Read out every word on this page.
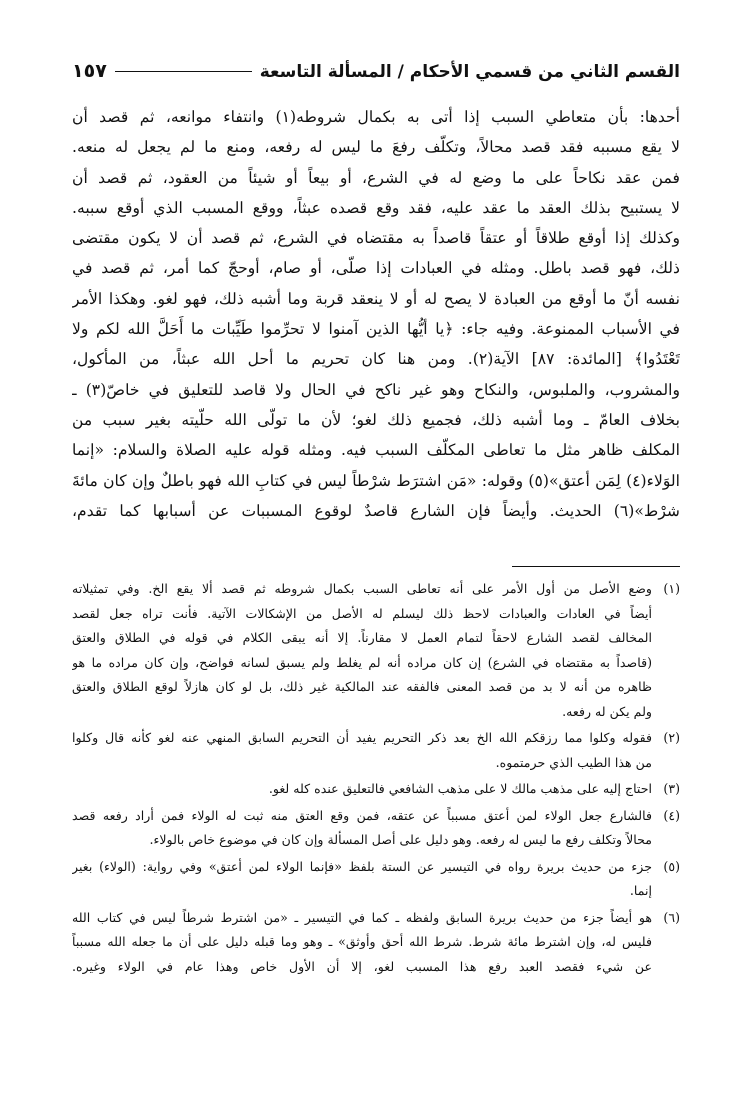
القسم الثاني من قسمي الأحكام / المسألة التاسعة
١٥٧
أحدها: بأن متعاطي السبب إذا أتى به بكمال شروطه(١) وانتفاء موانعه، ثم قصد أن
لا يقع مسببه فقد قصد محالاً، وتكلّف رفعَ ما ليس له رفعه، ومنع ما لم يجعل له منعه.
فمن عقد نكاحاً على ما وضع له في الشرع، أو بيعاً أو شيئاً من العقود، ثم قصد أن
لا يستبيح بذلك العقد ما عقد عليه، فقد وقع قصده عبثاً، ووقع المسبب الذي أوقع سببه.
وكذلك إذا أوقع طلاقاً أو عتقاً قاصداً به مقتضاه في الشرع، ثم قصد أن لا يكون مقتضى
ذلك، فهو قصد باطل. ومثله في العبادات إذا صلّى، أو صام، أوحجّ كما أمر، ثم قصد في
نفسه أنّ ما أوقع من العبادة لا يصح له أو لا ينعقد قربة وما أشبه ذلك، فهو لغو. وهكذا الأمر
في الأسباب الممنوعة. وفيه جاء: ﴿يا أيُّها الذين آمنوا لا تحرِّموا طَيِّبات ما أَحَلَّ الله لكم ولا
تَعْتَدُوا﴾ [المائدة: ٨٧] الآية(٢). ومن هنا كان تحريم ما أحل الله عبثاً، من المأكول،
والمشروب، والملبوس، والنكاح وهو غير ناكح في الحال ولا قاصد للتعليق في خاصّ(٣) ـ
بخلاف العامّ ـ وما أشبه ذلك، فجميع ذلك لغو؛ لأن ما تولّى الله حلّيته بغير سبب من
المكلف ظاهر مثل ما تعاطى المكلّف السبب فيه. ومثله قوله عليه الصلاة والسلام: «إنما
الوَلاء(٤) لِمَن أعتق»(٥) وقوله: «مَن اشترَط شرْطاً ليس في كتابِ الله فهو باطلٌ وإن كان مائةَ
شرْط»(٦) الحديث. وأيضاً فإن الشارع قاصدٌ لوقوع المسببات عن أسبابها كما تقدم،
(١)
وضع الأصل من أول الأمر على أنه تعاطى السبب بكمال شروطه ثم قصد ألا يقع الخ. وفي تمثيلاته
أيضاً في العادات والعبادات لاحظ ذلك ليسلم له الأصل من الإشكالات الآتية. فأنت تراه جعل لقصد
المخالف لقصد الشارع لاحقاً لتمام العمل لا مقارناً. إلا أنه يبقى الكلام في قوله في الطلاق والعتق
(قاصداً به مقتضاه في الشرع) إن كان مراده أنه لم يغلط ولم يسبق لسانه فواضح، وإن كان مراده ما هو
ظاهره من أنه لا بد من قصد المعنى فالفقه عند المالكية غير ذلك، بل لو كان هازلاً لوقع الطلاق والعتق
ولم يكن له رفعه.
(٢)
فقوله وكلوا مما رزقكم الله الخ بعد ذكر التحريم يفيد أن التحريم السابق المنهي عنه لغو كأنه قال وكلوا
من هذا الطيب الذي حرمتموه.
(٣)
احتاج إليه على مذهب مالك لا على مذهب الشافعي فالتعليق عنده كله لغو.
(٤)
فالشارع جعل الولاء لمن أعتق مسبباً عن عتقه، فمن وقع العتق منه ثبت له الولاء فمن أراد رفعه قصد
محالاً وتكلف رفع ما ليس له رفعه. وهو دليل على أصل المسألة وإن كان في موضوع خاص بالولاء.
(٥)
جزء من حديث بريرة رواه في التيسير عن الستة بلفظ «فإنما الولاء لمن أعتق» وفي رواية: (الولاء) بغير
إنما.
(٦)
هو أيضاً جزء من حديث بريرة السابق ولفظه ـ كما في التيسير ـ «من اشترط شرطاً ليس في كتاب الله
فليس له، وإن اشترط مائة شرط. شرط الله أحق وأوثق» ـ وهو وما قبله دليل على أن ما جعله الله مسبباً
عن شيء فقصد العبد رفع هذا المسبب لغو، إلا أن الأول خاص وهذا عام في الولاء وغيره.
